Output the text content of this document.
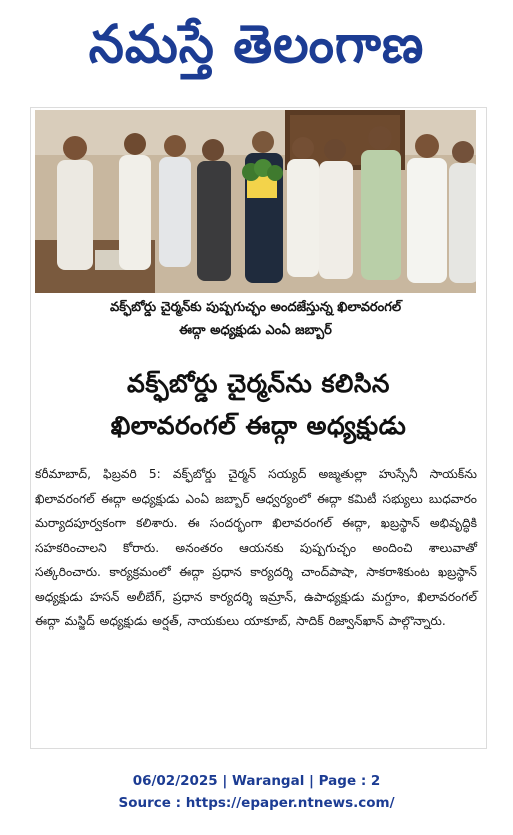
నమస్తే తెలంగాణ
వక్ఫ్‌బోర్డు చైర్మన్‌కు పుష్పగుచ్ఛం అందజేస్తున్న ఖిలావరంగల్
ఈద్గా అధ్యక్షుడు ఎంఏ జబ్బార్
వక్ఫ్‌బోర్డు చైర్మన్‌ను కలిసిన
ఖిలావరంగల్ ఈద్గా అధ్యక్షుడు
కరీమాబాద్, ఫిబ్రవరి 5: వక్ఫ్‌బోర్డు చైర్మన్ సయ్యద్ అజ్మతుల్లా హుస్సేనీ సాయక్‌ను ఖిలావరంగల్ ఈద్గా అధ్యక్షుడు ఎంఏ జబ్బార్ ఆధ్వర్యంలో ఈద్గా కమిటీ సభ్యులు బుధవారం మర్యాదపూర్వకంగా కలిశారు. ఈ సందర్భంగా ఖిలావరంగల్ ఈద్గా, ఖబ్రస్థాన్ అభివృద్ధికి సహకరించాలని కోరారు. అనంతరం ఆయనకు పుష్పగుచ్ఛం అందించి శాలువాతో సత్కరించారు. కార్యక్రమంలో ఈద్గా ప్రధాన కార్యదర్శి చాంద్‌పాషా, సాకరాశికుంట ఖబ్రస్థాన్ అధ్యక్షుడు హసన్ అలీబేగ్, ప్రధాన కార్యదర్శి ఇమ్రాన్, ఉపాధ్యక్షుడు మగ్దూం, ఖిలావరంగల్ ఈద్గా మస్జిద్ అధ్యక్షుడు అర్షత్, నాయకులు యాకూబ్, సాదిక్ రిజ్వాన్‌ఖాన్ పాల్గొన్నారు.
06/02/2025 | Warangal | Page : 2
Source : https://epaper.ntnews.com/
